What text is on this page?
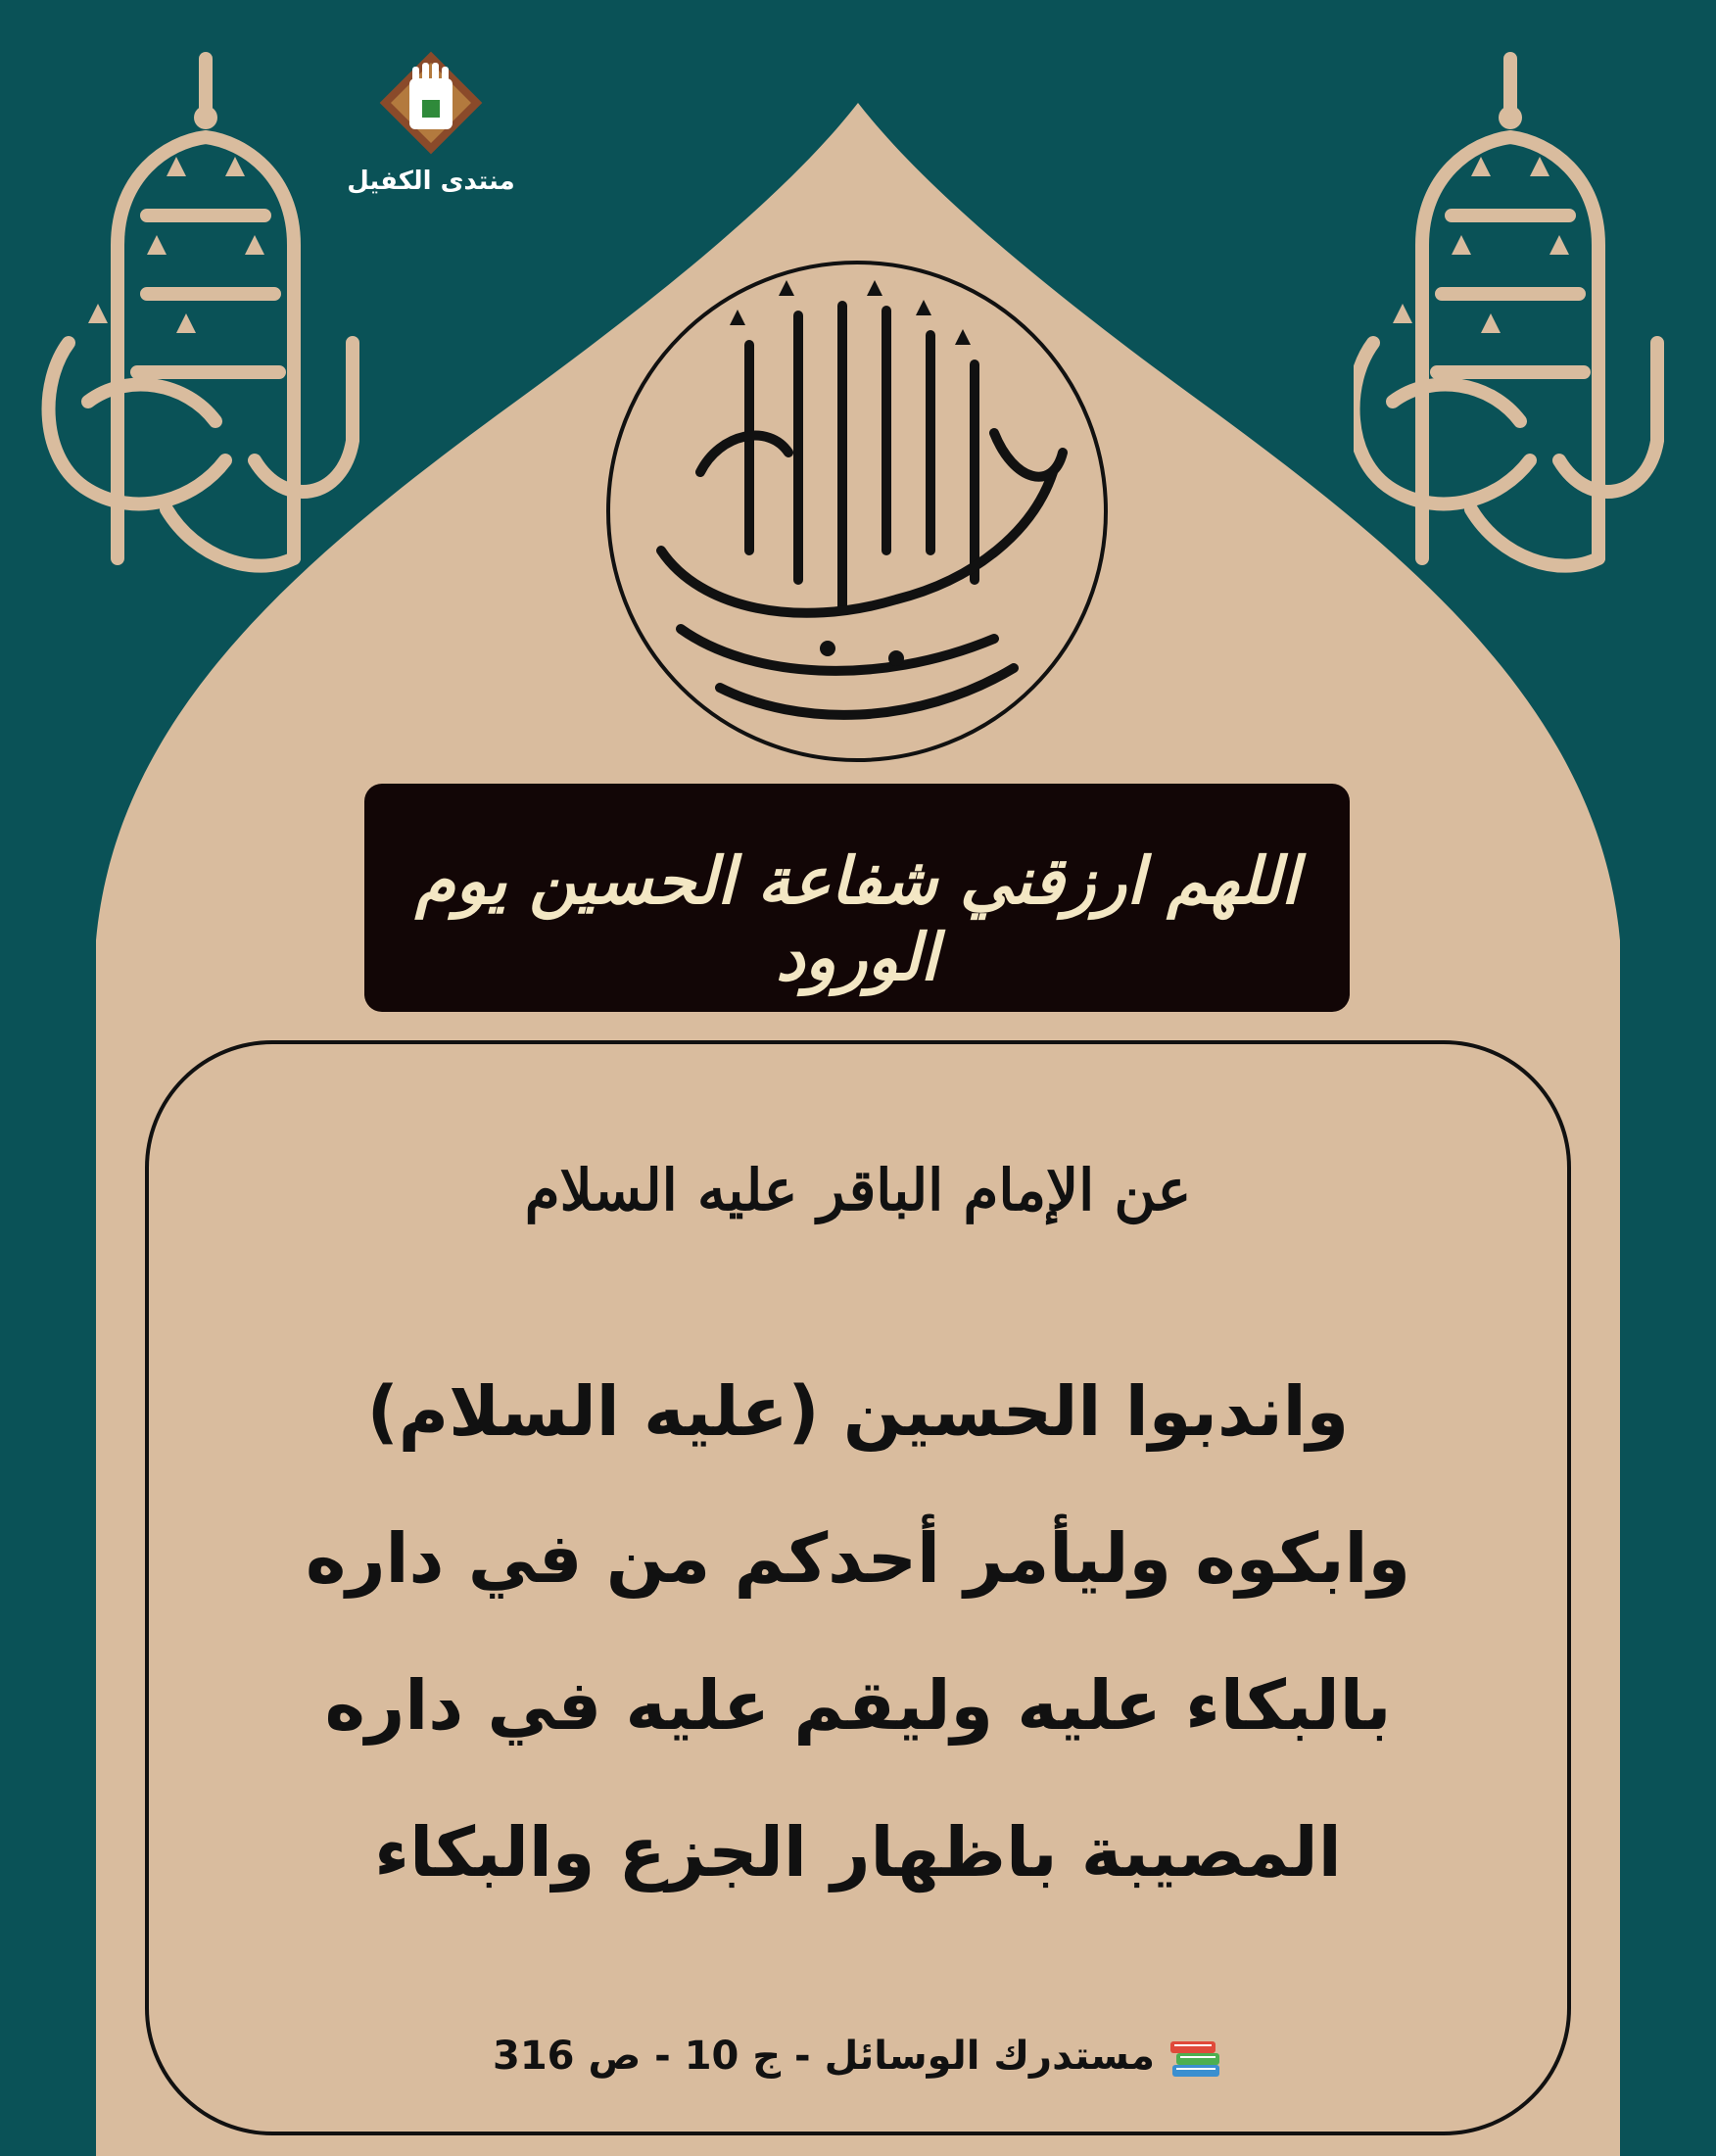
منتدى الكفيل
اللهم ارزقني شفاعة الحسين يوم الورود
عن الإمام الباقر عليه السلام
واندبوا الحسين (عليه السلام)
وابكوه وليأمر أحدكم من في داره
بالبكاء عليه وليقم عليه في داره
المصيبة باظهار الجزع والبكاء
مستدرك الوسائل - ج 10 - ص 316
